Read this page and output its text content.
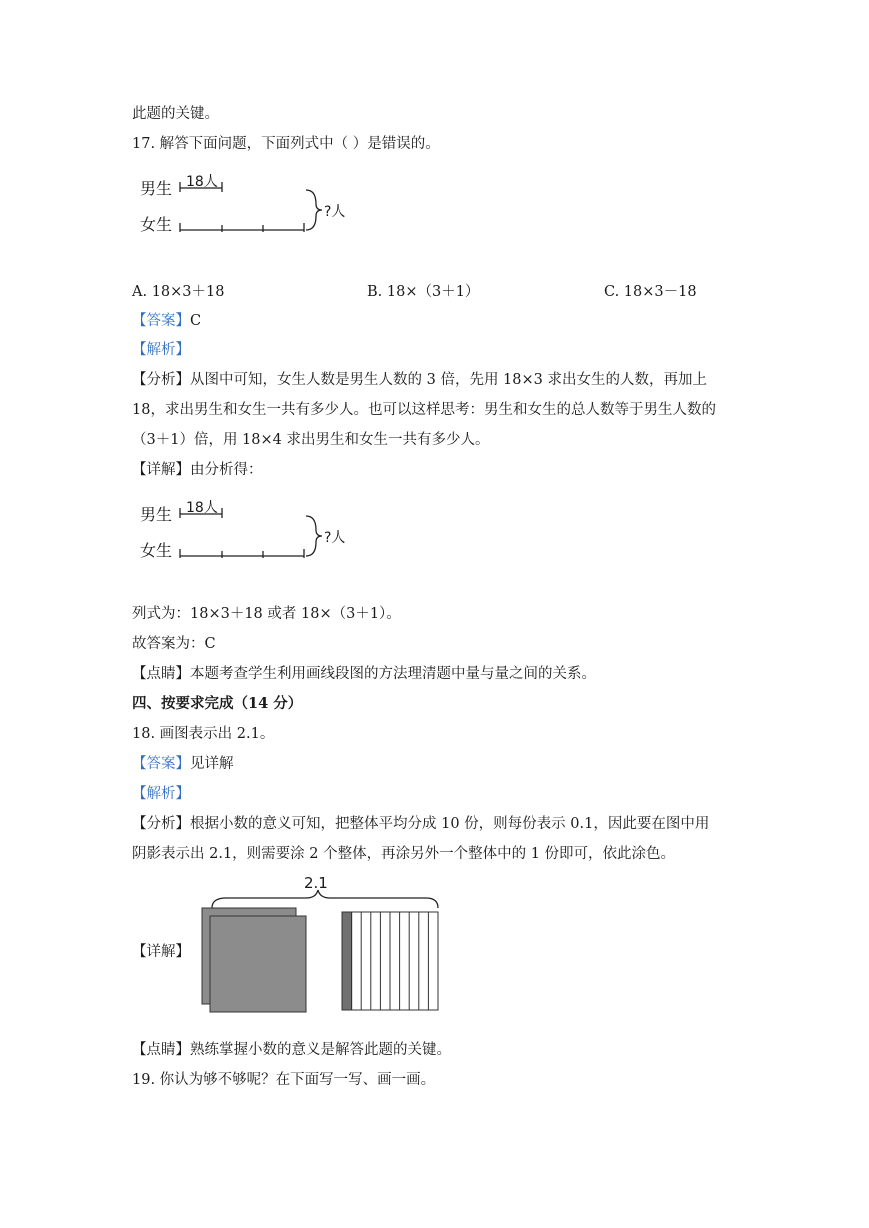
此题的关键。
17. 解答下面问题，下面列式中（ ）是错误的。
男生
女生
18人
?人
A. 18×3＋18	B. 18×（3＋1）	C. 18×3－18
【答案】C
【解析】
【分析】从图中可知，女生人数是男生人数的 3 倍，先用 18×3 求出女生的人数，再加上
18，求出男生和女生一共有多少人。也可以这样思考：男生和女生的总人数等于男生人数的
（3＋1）倍，用 18×4 求出男生和女生一共有多少人。
【详解】由分析得：
男生
女生
18人
?人
列式为：18×3＋18 或者 18×（3＋1）。
故答案为：C
【点睛】本题考查学生利用画线段图的方法理清题中量与量之间的关系。
四、按要求完成（14 分）
18. 画图表示出 2.1。
【答案】见详解
【解析】
【分析】根据小数的意义可知，把整体平均分成 10 份，则每份表示 0.1，因此要在图中用
阴影表示出 2.1，则需要涂 2 个整体，再涂另外一个整体中的 1 份即可，依此涂色。
【详解】
2.1
【点睛】熟练掌握小数的意义是解答此题的关键。
19. 你认为够不够呢？在下面写一写、画一画。
